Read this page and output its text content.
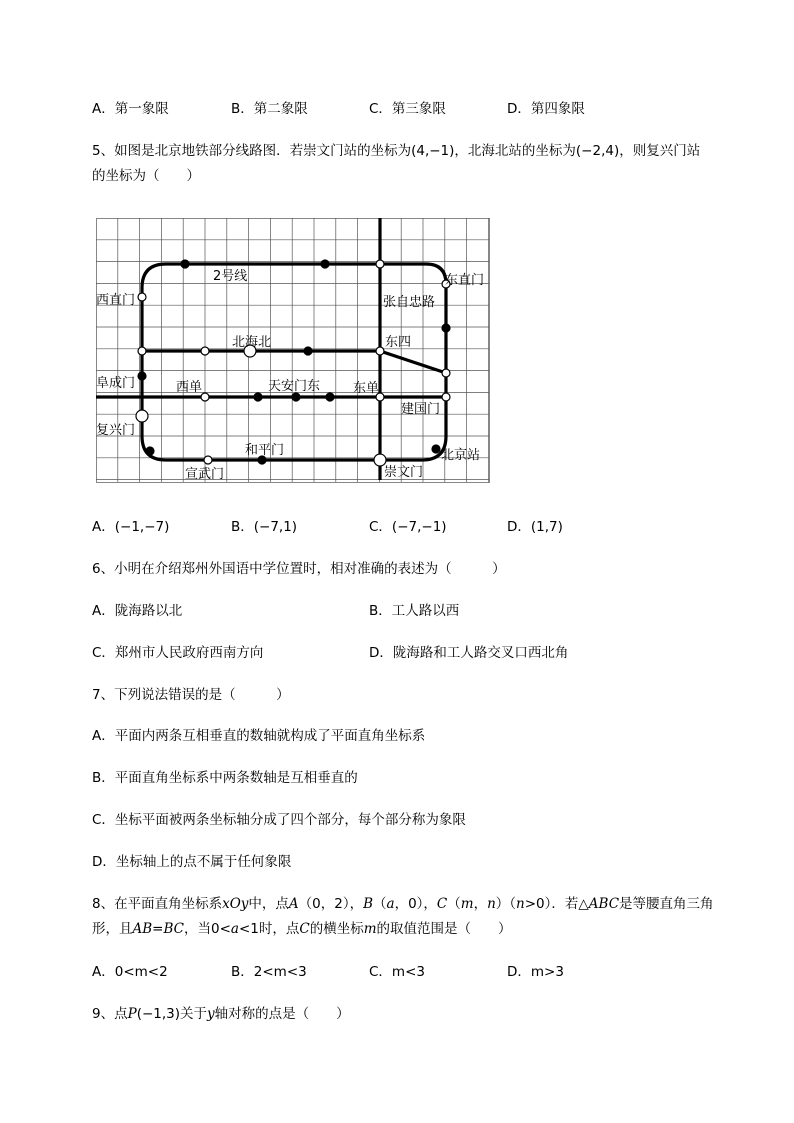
A．第一象限	B．第二象限	C．第三象限	D．第四象限
5、如图是北京地铁部分线路图．若崇文门站的坐标为(4,−1)，北海北站的坐标为(−2,4)，则复兴门站
的坐标为（　　）
2号线	东直门
西直门	张自忠路
北海北	东四
阜成门	西单	天安门东	东单
建国门
复兴门
和平门	北京站
宣武门	崇文门
A．(−1,−7)	B．(−7,1)	C．(−7,−1)	D．(1,7)
6、小明在介绍郑州外国语中学位置时，相对准确的表述为（　　　）
A．陇海路以北	B．工人路以西
C．郑州市人民政府西南方向	D．陇海路和工人路交叉口西北角
7、下列说法错误的是（　　　）
A．平面内两条互相垂直的数轴就构成了平面直角坐标系
B．平面直角坐标系中两条数轴是互相垂直的
C．坐标平面被两条坐标轴分成了四个部分，每个部分称为象限
D．坐标轴上的点不属于任何象限
8、在平面直角坐标系xOy中，点A（0，2），B（a，0），C（m，n）（n>0）．若△ABC是等腰直角三角
形，且AB=BC，当0<a<1时，点C的横坐标m的取值范围是（　　）
A．0<m<2	B．2<m<3	C．m<3	D．m>3
9、点P(−1,3)关于y轴对称的点是（　　）
